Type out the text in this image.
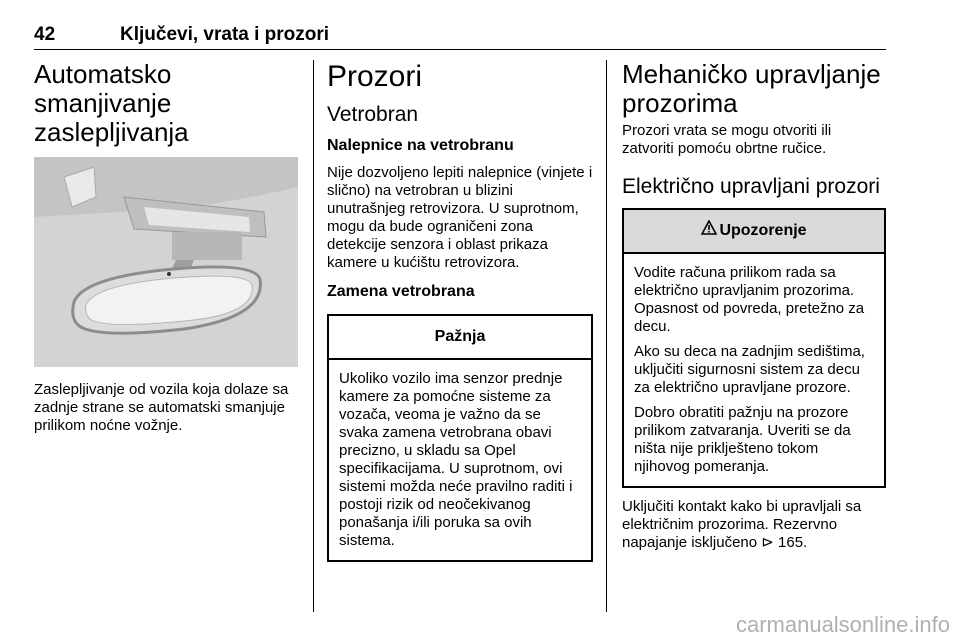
42	Ključevi, vrata i prozori
Automatsko smanjivanje zaslepljivanja

Zaslepljivanje od vozila koja dolaze sa zadnje strane se automatski smanjuje prilikom noćne vožnje.

Prozori
Vetrobran
Nalepnice na vetrobranu

Nije dozvoljeno lepiti nalepnice (vinjete i slično) na vetrobran u blizini unutrašnjeg retrovizora. U suprotnom, mogu da bude ograničeni zona detekcije senzora i oblast prikaza kamere u kućištu retrovizora.

Zamena vetrobrana
Pažnja

Ukoliko vozilo ima senzor prednje kamere za pomoćne sisteme za vozača, veoma je važno da se svaka zamena vetrobrana obavi precizno, u skladu sa Opel specifikacijama. U suprotnom, ovi sistemi možda neće pravilno raditi i postoji rizik od neočekivanog ponašanja i/ili poruka sa ovih sistema.

Mehaničko upravljanje prozorima

Prozori vrata se mogu otvoriti ili zatvoriti pomoću obrtne ručice.

Električno upravljani prozori
Upozorenje

Vodite računa prilikom rada sa električno upravljanim prozorima. Opasnost od povreda, pretežno za decu.

Ako su deca na zadnjim sedištima, uključiti sigurnosni sistem za decu za električno upravljane prozore.

Dobro obratiti pažnju na prozore prilikom zatvaranja. Uveriti se da ništa nije priklješteno tokom njihovog pomeranja.

Uključiti kontakt kako bi upravljali sa električnim prozorima. Rezervno napajanje isključeno ⊳ 165.

carmanualsonline.info
